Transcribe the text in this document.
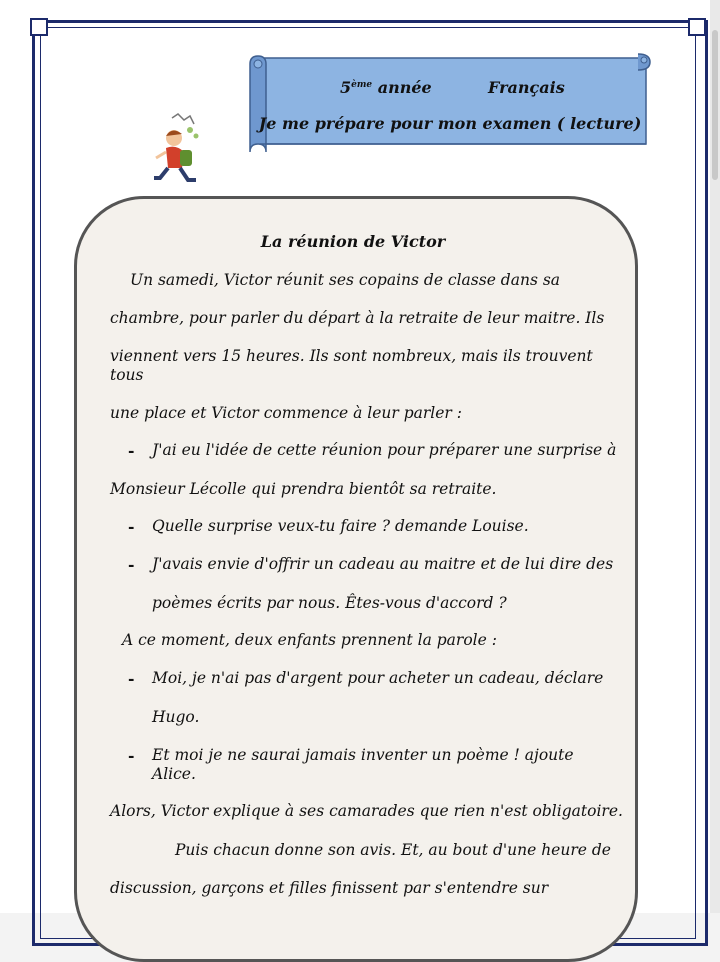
5ème année	Français
Je me prépare pour mon examen ( lecture)
La réunion de Victor
Un samedi, Victor réunit ses copains de classe dans sa
chambre, pour parler du départ à la retraite de leur maitre. Ils
viennent vers 15 heures. Ils sont nombreux, mais ils trouvent
tous
une place et Victor commence à leur parler :
- J'ai eu l'idée de cette réunion pour préparer une surprise à
Monsieur Lécolle qui prendra bientôt sa retraite.
- Quelle surprise veux-tu faire ? demande Louise.
- J'avais envie d'offrir un cadeau au maitre et de lui dire des
poèmes écrits par nous. Êtes-vous d'accord ?
A ce moment, deux enfants prennent la parole :
- Moi, je n'ai pas d'argent pour acheter un cadeau, déclare
Hugo.
- Et moi je ne saurai jamais inventer un poème ! ajoute
Alice.
Alors, Victor explique à ses camarades que rien n'est obligatoire.
Puis chacun donne son avis. Et, au bout d'une heure de
discussion, garçons et filles finissent par s'entendre sur
